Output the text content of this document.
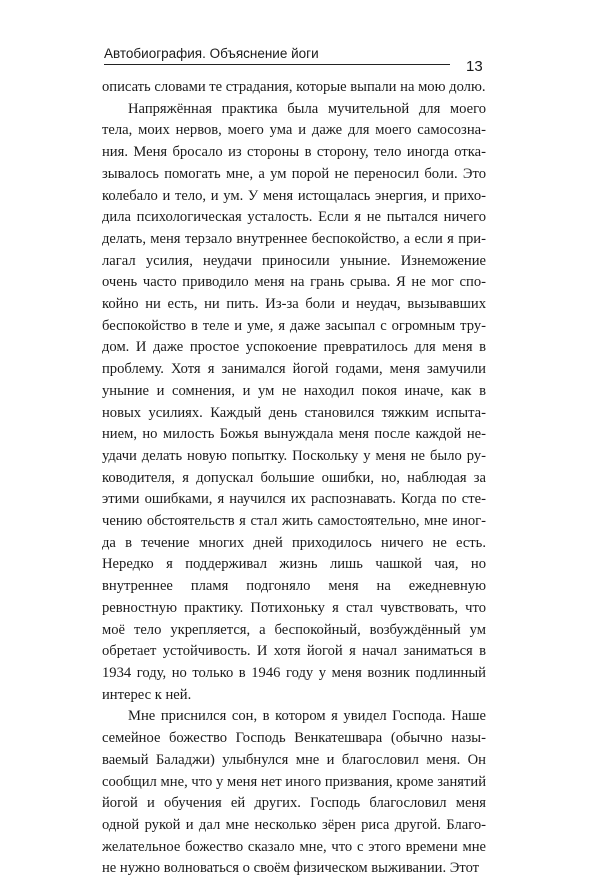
Автобиография. Объяснение йоги
13

описать словами те страдания, которые выпали на мою долю.

Напряжённая практика была мучительной для моего тела, моих нервов, моего ума и даже для моего самосознания. Меня бросало из стороны в сторону, тело иногда отказывалось помогать мне, а ум порой не переносил боли. Это колебало и тело, и ум. У меня истощалась энергия, и приходила психологическая усталость. Если я не пытался ничего делать, меня терзало внутреннее беспокойство, а если я прилагал усилия, неудачи приносили уныние. Изнеможение очень часто приводило меня на грань срыва. Я не мог спокойно ни есть, ни пить. Из-за боли и неудач, вызывавших беспокойство в теле и уме, я даже засыпал с огромным трудом. И даже простое успокоение превратилось для меня в проблему. Хотя я занимался йогой годами, меня замучили уныние и сомнения, и ум не находил покоя иначе, как в новых усилиях. Каждый день становился тяжким испытанием, но милость Божья вынуждала меня после каждой неудачи делать новую попытку. Поскольку у меня не было руководителя, я допускал большие ошибки, но, наблюдая за этими ошибками, я научился их распознавать. Когда по стечению обстоятельств я стал жить самостоятельно, мне иногда в течение многих дней приходилось ничего не есть. Нередко я поддерживал жизнь лишь чашкой чая, но внутреннее пламя подгоняло меня на ежедневную ревностную практику. Потихоньку я стал чувствовать, что моё тело укрепляется, а беспокойный, возбуждённый ум обретает устойчивость. И хотя йогой я начал заниматься в 1934 году, но только в 1946 году у меня возник подлинный интерес к ней.

Мне приснился сон, в котором я увидел Господа. Наше семейное божество Господь Венкатешвара (обычно называемый Баладжи) улыбнулся мне и благословил меня. Он сообщил мне, что у меня нет иного призвания, кроме занятий йогой и обучения ей других. Господь благословил меня одной рукой и дал мне несколько зёрен риса другой. Благожелательное божество сказало мне, что с этого времени мне не нужно волноваться о своём физическом выживании. Этот
